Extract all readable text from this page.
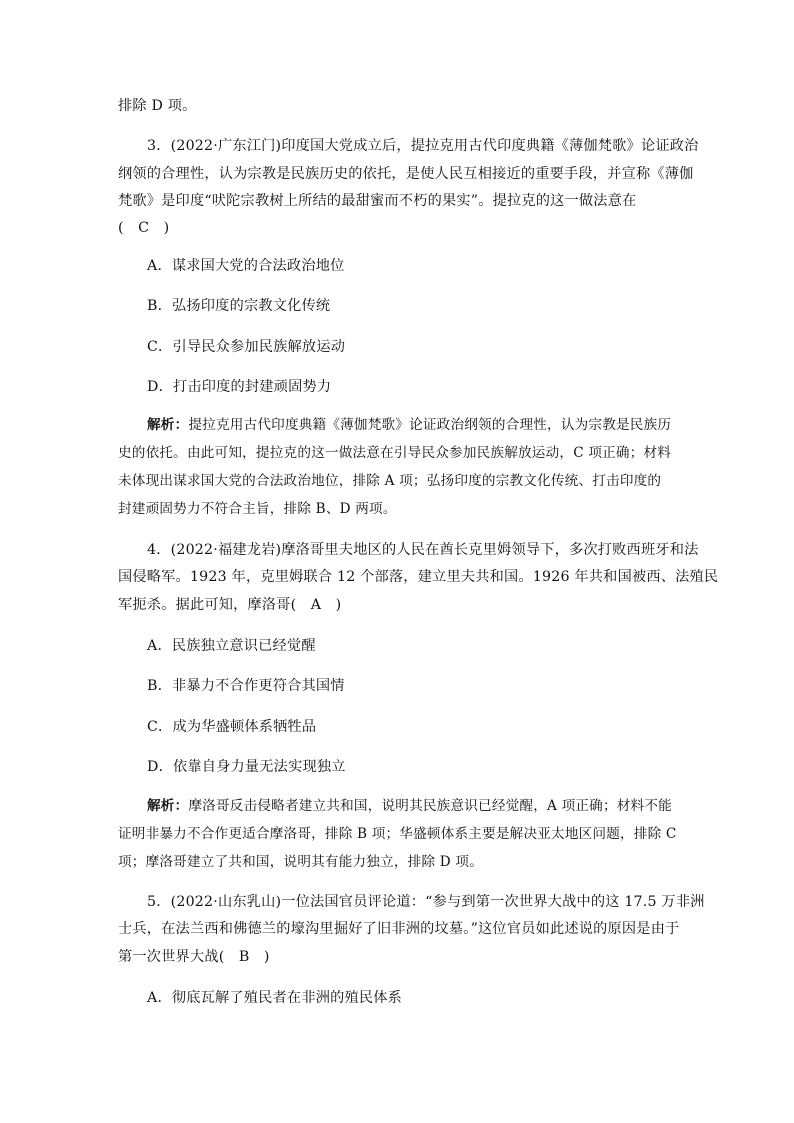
排除 D 项。
3．(2022·广东江门)印度国大党成立后，提拉克用古代印度典籍《薄伽梵歌》论证政治
纲领的合理性，认为宗教是民族历史的依托，是使人民互相接近的重要手段，并宣称《薄伽
梵歌》是印度“吠陀宗教树上所结的最甜蜜而不朽的果实”。提拉克的这一做法意在
(　C　)
A．谋求国大党的合法政治地位
B．弘扬印度的宗教文化传统
C．引导民众参加民族解放运动
D．打击印度的封建顽固势力
解析：提拉克用古代印度典籍《薄伽梵歌》论证政治纲领的合理性，认为宗教是民族历
史的依托。由此可知，提拉克的这一做法意在引导民众参加民族解放运动，C 项正确；材料
未体现出谋求国大党的合法政治地位，排除 A 项；弘扬印度的宗教文化传统、打击印度的
封建顽固势力不符合主旨，排除 B、D 两项。
4．(2022·福建龙岩)摩洛哥里夫地区的人民在酋长克里姆领导下，多次打败西班牙和法
国侵略军。1923 年，克里姆联合 12 个部落，建立里夫共和国。1926 年共和国被西、法殖民
军扼杀。据此可知，摩洛哥(　A　)
A．民族独立意识已经觉醒
B．非暴力不合作更符合其国情
C．成为华盛顿体系牺牲品
D．依靠自身力量无法实现独立
解析：摩洛哥反击侵略者建立共和国，说明其民族意识已经觉醒，A 项正确；材料不能
证明非暴力不合作更适合摩洛哥，排除 B 项；华盛顿体系主要是解决亚太地区问题，排除 C
项；摩洛哥建立了共和国，说明其有能力独立，排除 D 项。
5．(2022·山东乳山)一位法国官员评论道：“参与到第一次世界大战中的这 17.5 万非洲
士兵，在法兰西和佛德兰的壕沟里掘好了旧非洲的坟墓。”这位官员如此述说的原因是由于
第一次世界大战(　B　)
A．彻底瓦解了殖民者在非洲的殖民体系
